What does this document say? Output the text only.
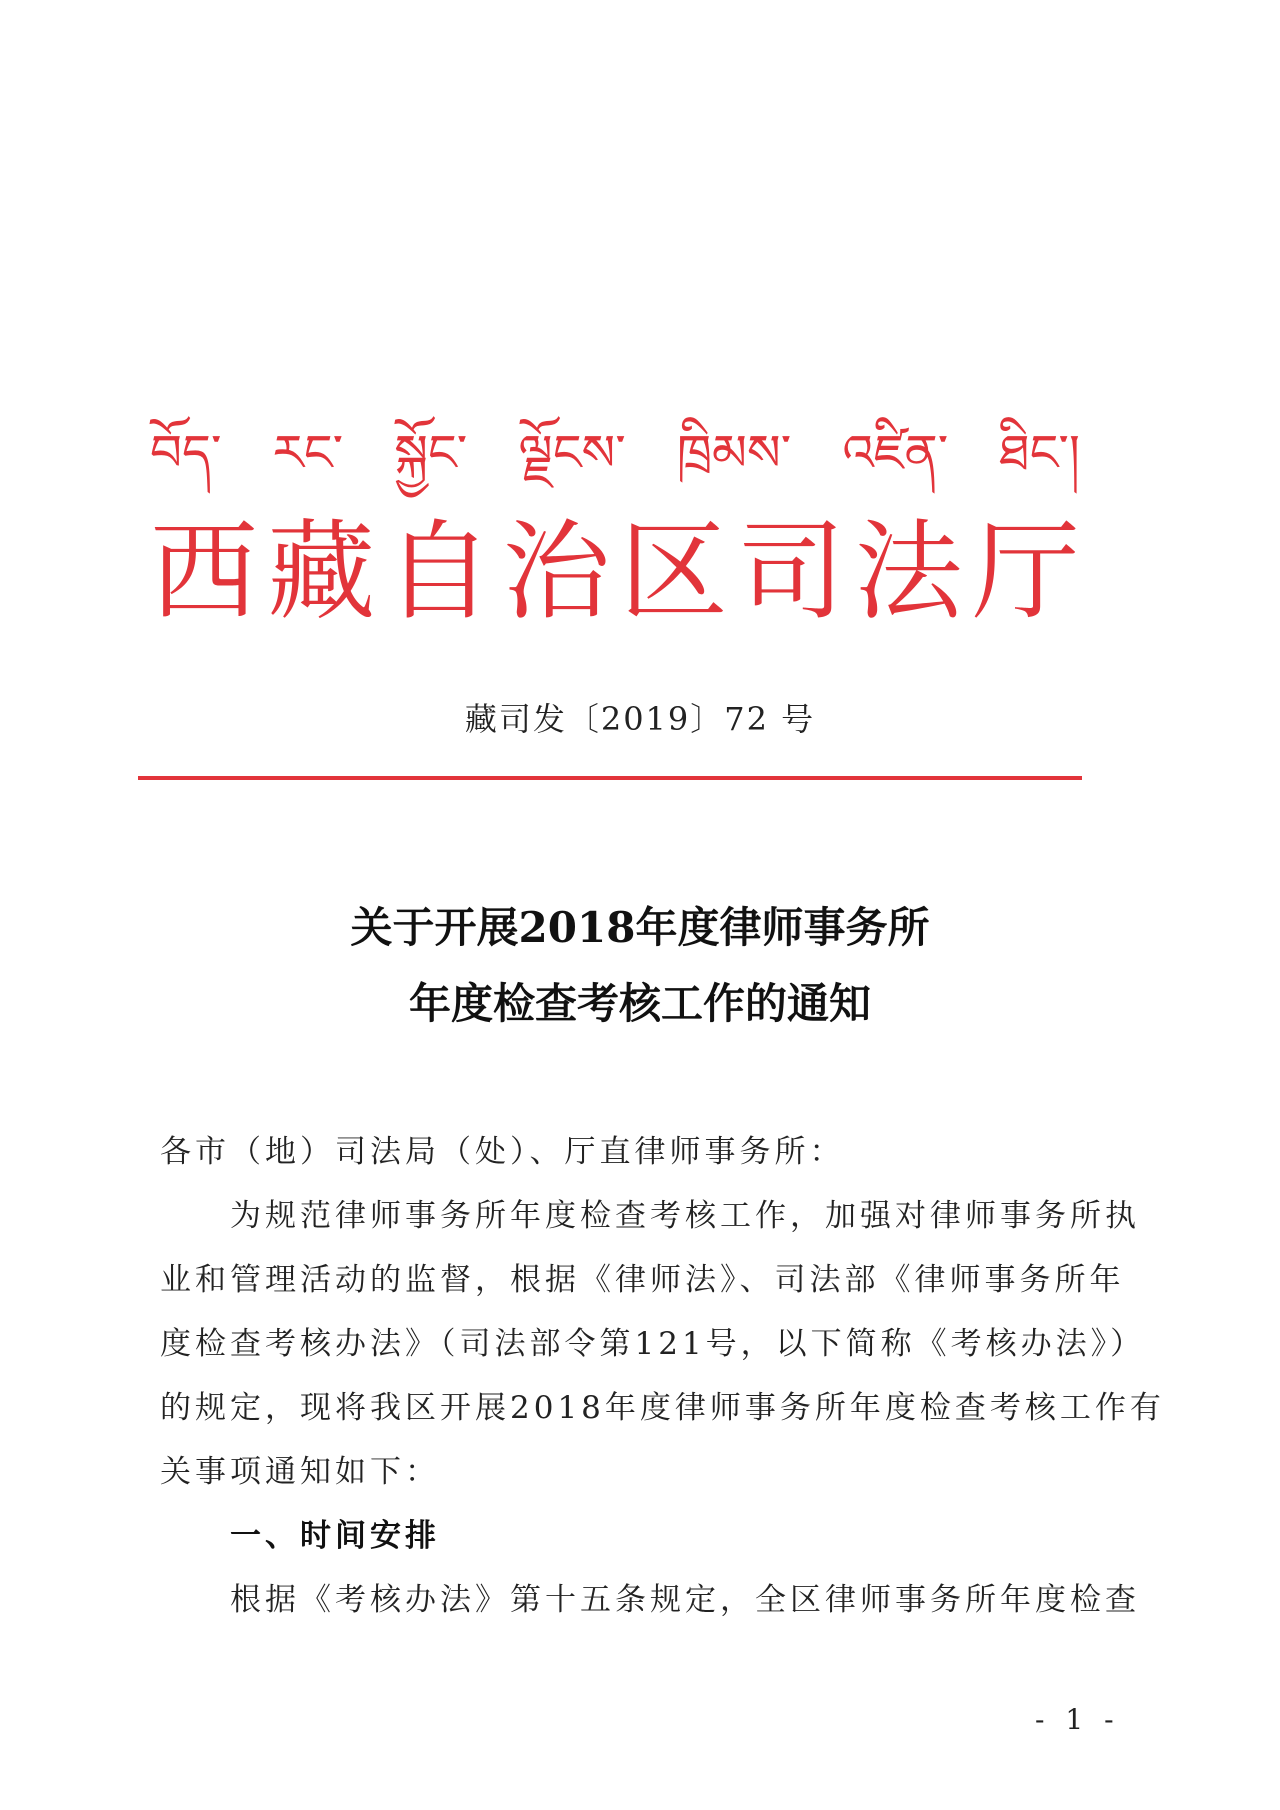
བོད་ རང་ སྐྱོང་ ལྗོངས་ ཁྲིམས་ འཛིན་ ཐིང་།
西 藏 自 治 区 司 法 厅
藏司发〔2019〕72 号
关于开展2018年度律师事务所
年度检查考核工作的通知
各市（地）司法局（处）、厅直律师事务所：
为规范律师事务所年度检查考核工作，加强对律师事务所执
业和管理活动的监督，根据《律师法》、司法部《律师事务所年
度检查考核办法》（司法部令第121号，以下简称《考核办法》）
的规定，现将我区开展2018年度律师事务所年度检查考核工作有
关事项通知如下：
一、时间安排
根据《考核办法》第十五条规定，全区律师事务所年度检查
- 1 -
